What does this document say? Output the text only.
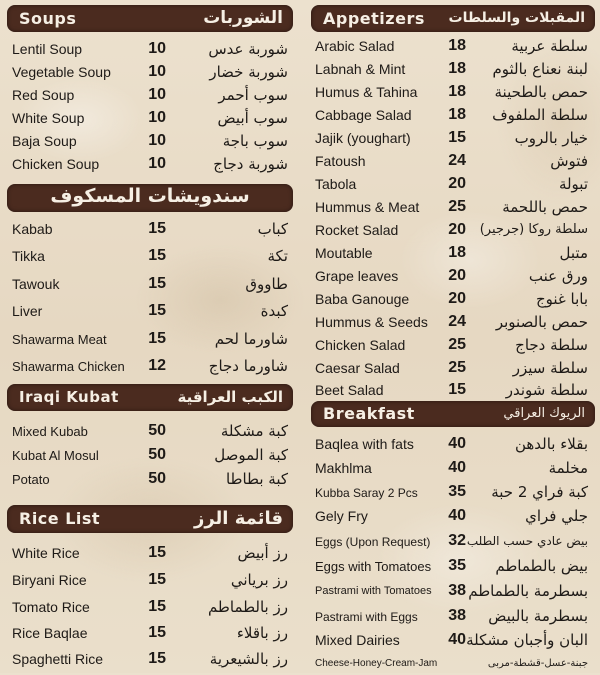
Soups	الشوربات
Lentil Soup	10	شوربة عدس
Vegetable Soup	10	شوربة خضار
Red Soup	10	سوب أحمر
White Soup	10	سوب أبيض
Baja Soup	10	سوب باجة
Chicken Soup	10	شوربة دجاج
سندويشات المسكوف
Kabab	15	كباب
Tikka	15	تكة
Tawouk	15	طاووق
Liver	15	كبدة
Shawarma Meat	15	شاورما لحم
Shawarma Chicken	12	شاورما دجاج
Iraqi Kubat	الكبب العراقية
Mixed Kubab	50	كبة مشكلة
Kubat Al Mosul	50	كبة الموصل
Potato	50	كبة بطاطا
Rice List	قائمة الرز
White Rice	15	رز أبيض
Biryani Rice	15	رز برياني
Tomato Rice	15	رز بالطماطم
Rice Baqlae	15	رز باقلاء
Spaghetti Rice	15	رز بالشيعرية
Appetizers المقبلات والسلطات
Arabic Salad	18	سلطة عربية
Labnah & Mint	18 لبنة نعناع بالثوم
Humus & Tahina	18 حمص بالطحينة
Cabbage Salad	18 سلطة الملفوف
Jajik (youghart)	15	خيار بالروب
Fatoush	24	فتوش
Tabola	20	تبولة
Hummus & Meat	25 حمص باللحمة
Rocket Salad	20 سلطة روكا (جرجير)
Moutable	18	متبل
Grape leaves	20	ورق عنب
Baba Ganouge	20	بابا غنوج
Hummus & Seeds	24 حمص بالصنوبر
Chicken Salad	25	سلطة دجاج
Caesar Salad	25	سلطة سيزر
Beet Salad	15	سلطة شوندر
Breakfast	الريوك العراقي
Baqlea with fats	40	بقلاء بالدهن
Makhlma	40	مخلمة
Kubba Saray 2 Pcs	35 كبة فراي 2 حبة
Gely Fry	40	جلي فراي
Eggs (Upon Request)	32 بيض عادي حسب الطلب
Eggs with Tomatoes	35 بيض بالطماطم
Pastrami with Tomatoes	38 بسطرمة بالطماطم
Pastrami with Eggs	38 بسطرمة بالبيض
Mixed Dairies	40 البان وأجبان مشكلة
Cheese-Honey-Cream-Jam	جبنة-عسل-قشطة-مربى
